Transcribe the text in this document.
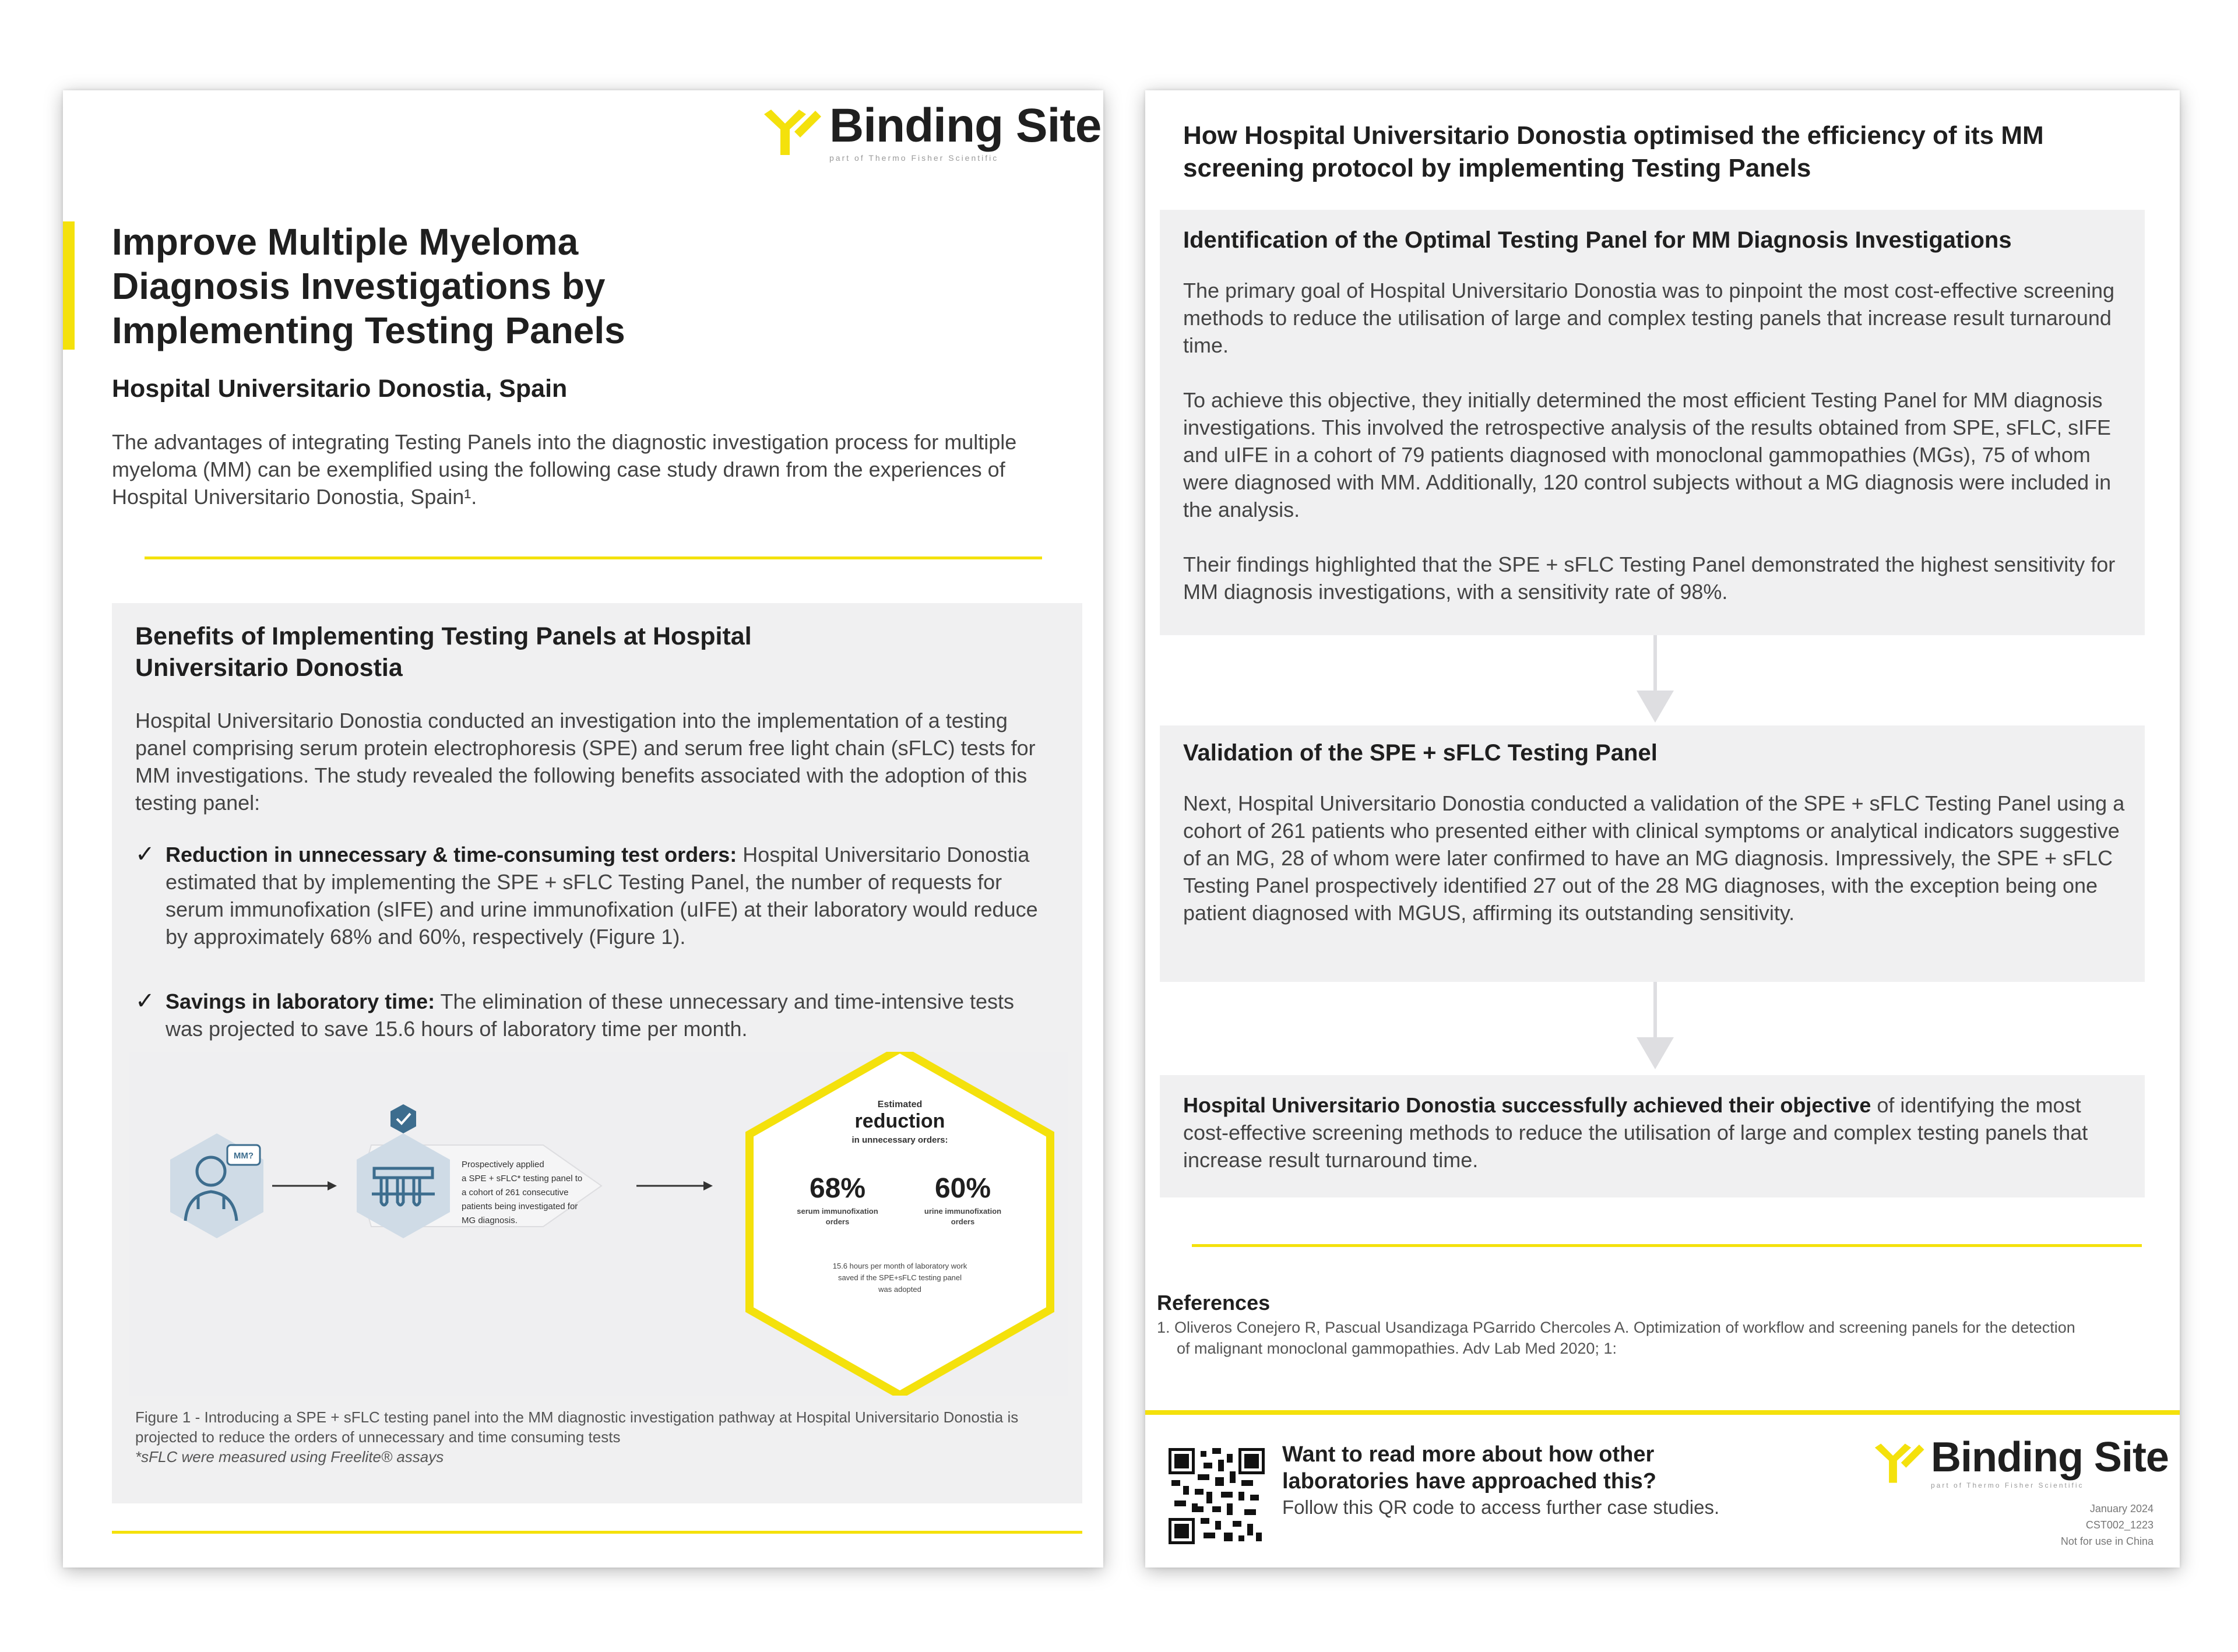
Binding Site
part of Thermo Fisher Scientific
Improve Multiple Myeloma Diagnosis Investigations by Implementing Testing Panels
Hospital Universitario Donostia, Spain

The advantages of integrating Testing Panels into the diagnostic investigation process for multiple myeloma (MM) can be exemplified using the following case study drawn from the experiences of Hospital Universitario Donostia, Spain¹.

Benefits of Implementing Testing Panels at Hospital Universitario Donostia

Hospital Universitario Donostia conducted an investigation into the implementation of a testing panel comprising serum protein electrophoresis (SPE) and serum free light chain (sFLC) tests for MM investigations. The study revealed the following benefits associated with the adoption of this testing panel:

✓ Reduction in unnecessary & time-consuming test orders: Hospital Universitario Donostia estimated that by implementing the SPE + sFLC Testing Panel, the number of requests for serum immunofixation (sIFE) and urine immunofixation (uIFE) at their laboratory would reduce by approximately 68% and 60%, respectively (Figure 1).
✓ Savings in laboratory time: The elimination of these unnecessary and time-intensive tests was projected to save 15.6 hours of laboratory time per month.
MM?
Prospectively applied
a SPE + sFLC* testing panel to
a cohort of 261 consecutive
patients being investigated for
MG diagnosis.
Estimated
reduction
in unnecessary orders:
68%
serum immunofixation
orders
60%
urine immunofixation
orders
15.6 hours per month of laboratory work
saved if the SPE+sFLC testing panel
was adopted
Figure 1 - Introducing a SPE + sFLC testing panel into the MM diagnostic investigation pathway at Hospital Universitario Donostia is projected to reduce the orders of unnecessary and time consuming tests
*sFLC were measured using Freelite® assays
How Hospital Universitario Donostia optimised the efficiency of its MM screening protocol by implementing Testing Panels
Identification of the Optimal Testing Panel for MM Diagnosis Investigations

The primary goal of Hospital Universitario Donostia was to pinpoint the most cost-effective screening methods to reduce the utilisation of large and complex testing panels that increase result turnaround time.

To achieve this objective, they initially determined the most efficient Testing Panel for MM diagnosis investigations. This involved the retrospective analysis of the results obtained from SPE, sFLC, sIFE and uIFE in a cohort of 79 patients diagnosed with monoclonal gammopathies (MGs), 75 of whom were diagnosed with MM. Additionally, 120 control subjects without a MG diagnosis were included in the analysis.

Their findings highlighted that the SPE + sFLC Testing Panel demonstrated the highest sensitivity for MM diagnosis investigations, with a sensitivity rate of 98%.

Validation of the SPE + sFLC Testing Panel

Next, Hospital Universitario Donostia conducted a validation of the SPE + sFLC Testing Panel using a cohort of 261 patients who presented either with clinical symptoms or analytical indicators suggestive of an MG, 28 of whom were later confirmed to have an MG diagnosis. Impressively, the SPE + sFLC Testing Panel prospectively identified 27 out of the 28 MG diagnoses, with the exception being one patient diagnosed with MGUS, affirming its outstanding sensitivity.

Hospital Universitario Donostia successfully achieved their objective of identifying the most cost-effective screening methods to reduce the utilisation of large and complex testing panels that increase result turnaround time.

References
1. Oliveros Conejero R, Pascual Usandizaga PGarrido Chercoles A. Optimization of workflow and screening panels for the detection of malignant monoclonal gammopathies. Adv Lab Med 2020; 1:
Want to read more about how other laboratories have approached this?
Follow this QR code to access further case studies.
Binding Site
part of Thermo Fisher Scientific
January 2024
CST002_1223
Not for use in China
